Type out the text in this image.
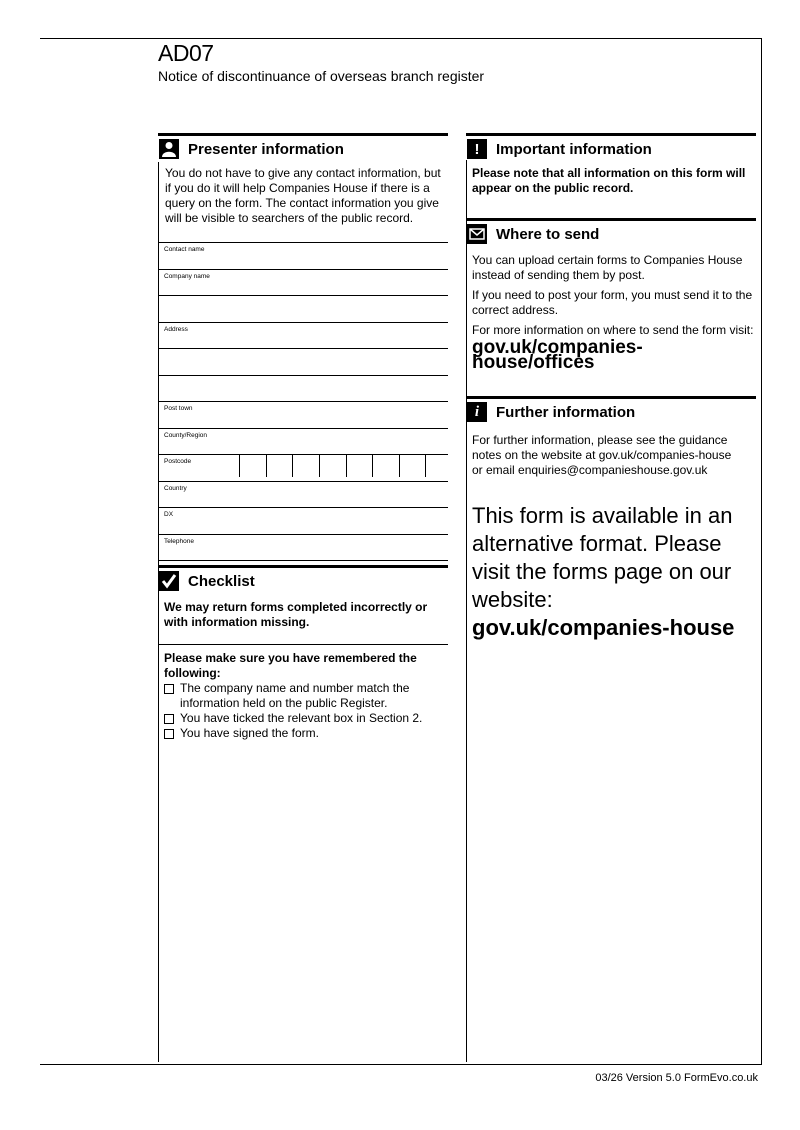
AD07
Notice of discontinuance of overseas branch register
Presenter information
You do not have to give any contact information, but if you do it will help Companies House if there is a query on the form. The contact information you give will be visible to searchers of the public record.
Contact name
Company name
Address
Post town
County/Region
Postcode
Country
DX
Telephone
Checklist
We may return forms completed incorrectly or with information missing.
Please make sure you have remembered the following:
The company name and number match the information held on the public Register.
You have ticked the relevant box in Section 2.
You have signed the form.
!	Important information
Please note that all information on this form will appear on the public record.
Where to send

You can upload certain forms to Companies House instead of sending them by post.

If you need to post your form, you must send it to the correct address.

For more information on where to send the form visit:

gov.uk/companies-house/offices
i	Further information
For further information, please see the guidance
notes on the website at gov.uk/companies-house
or email enquiries@companieshouse.gov.uk
This form is available in an alternative format. Please visit the forms page on our website:
gov.uk/companies-house
03/26 Version 5.0 FormEvo.co.uk
